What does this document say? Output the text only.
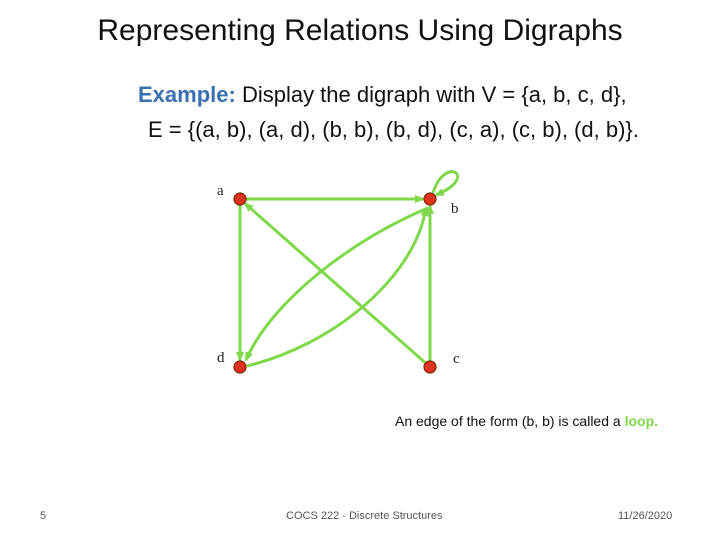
Representing Relations Using Digraphs
Example: Display the digraph with V = {a, b, c, d},
E = {(a, b), (a, d), (b, b), (b, d), (c, a), (c, b), (d, b)}.
a
b
c
d
An edge of the form (b, b) is called a loop.
5	COCS 222 - Discrete Structures	11/26/2020
